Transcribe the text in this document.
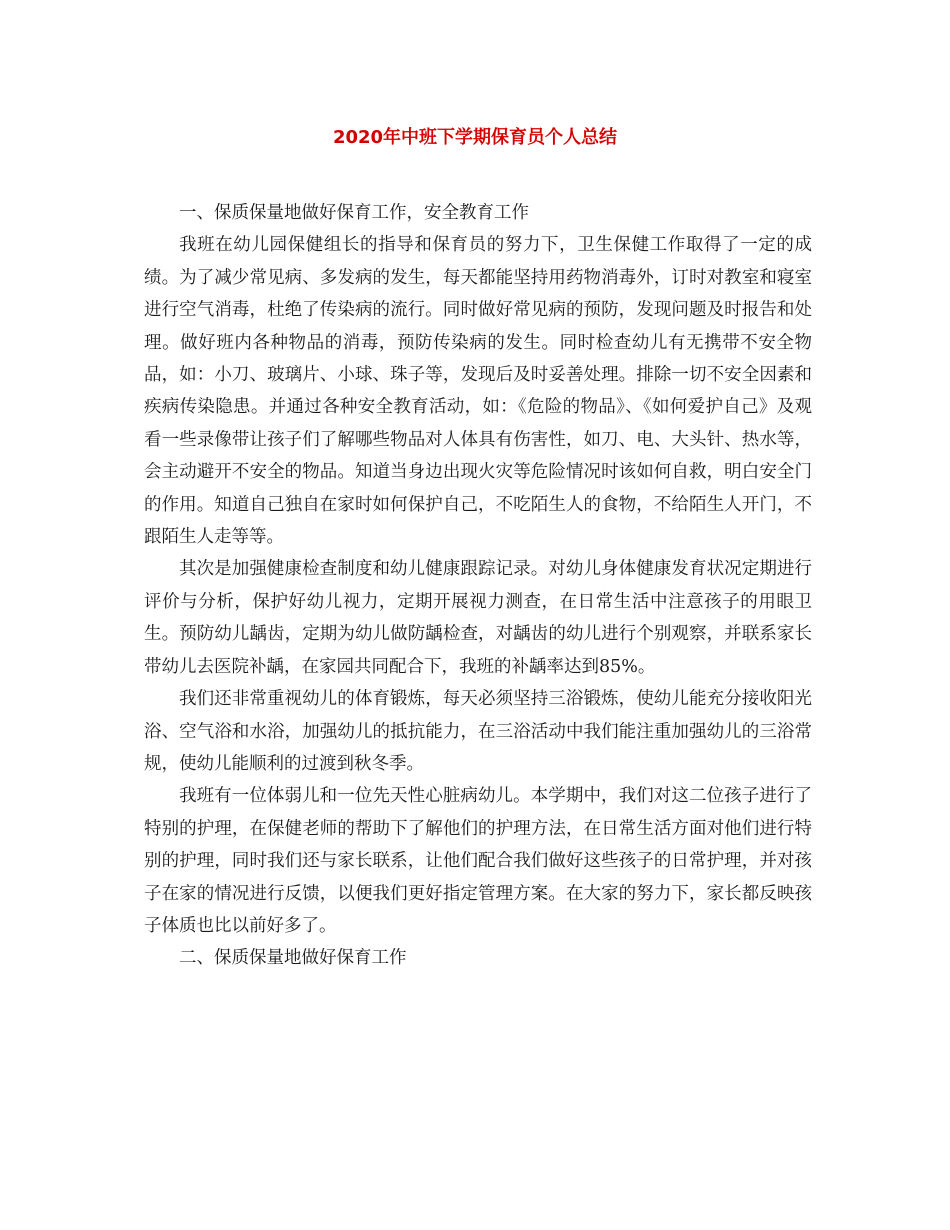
2020年中班下学期保育员个人总结

一、保质保量地做好保育工作，安全教育工作

我班在幼儿园保健组长的指导和保育员的努力下，卫生保健工作取得了一定的成绩。为了减少常见病、多发病的发生，每天都能坚持用药物消毒外，订时对教室和寝室进行空气消毒，杜绝了传染病的流行。同时做好常见病的预防，发现问题及时报告和处理。做好班内各种物品的消毒，预防传染病的发生。同时检查幼儿有无携带不安全物品，如：小刀、玻璃片、小球、珠子等，发现后及时妥善处理。排除一切不安全因素和疾病传染隐患。并通过各种安全教育活动，如：《危险的物品》、《如何爱护自己》及观看一些录像带让孩子们了解哪些物品对人体具有伤害性，如刀、电、大头针、热水等，会主动避开不安全的物品。知道当身边出现火灾等危险情况时该如何自救，明白安全门的作用。知道自己独自在家时如何保护自己，不吃陌生人的食物，不给陌生人开门，不跟陌生人走等等。

其次是加强健康检查制度和幼儿健康跟踪记录。对幼儿身体健康发育状况定期进行评价与分析，保护好幼儿视力，定期开展视力测查，在日常生活中注意孩子的用眼卫生。预防幼儿龋齿，定期为幼儿做防龋检查，对龋齿的幼儿进行个别观察，并联系家长带幼儿去医院补龋，在家园共同配合下，我班的补龋率达到85%。

我们还非常重视幼儿的体育锻炼，每天必须坚持三浴锻炼，使幼儿能充分接收阳光浴、空气浴和水浴，加强幼儿的抵抗能力，在三浴活动中我们能注重加强幼儿的三浴常规，使幼儿能顺利的过渡到秋冬季。

我班有一位体弱儿和一位先天性心脏病幼儿。本学期中，我们对这二位孩子进行了特别的护理，在保健老师的帮助下了解他们的护理方法，在日常生活方面对他们进行特别的护理，同时我们还与家长联系，让他们配合我们做好这些孩子的日常护理，并对孩子在家的情况进行反馈，以便我们更好指定管理方案。在大家的努力下，家长都反映孩子体质也比以前好多了。

二、保质保量地做好保育工作
